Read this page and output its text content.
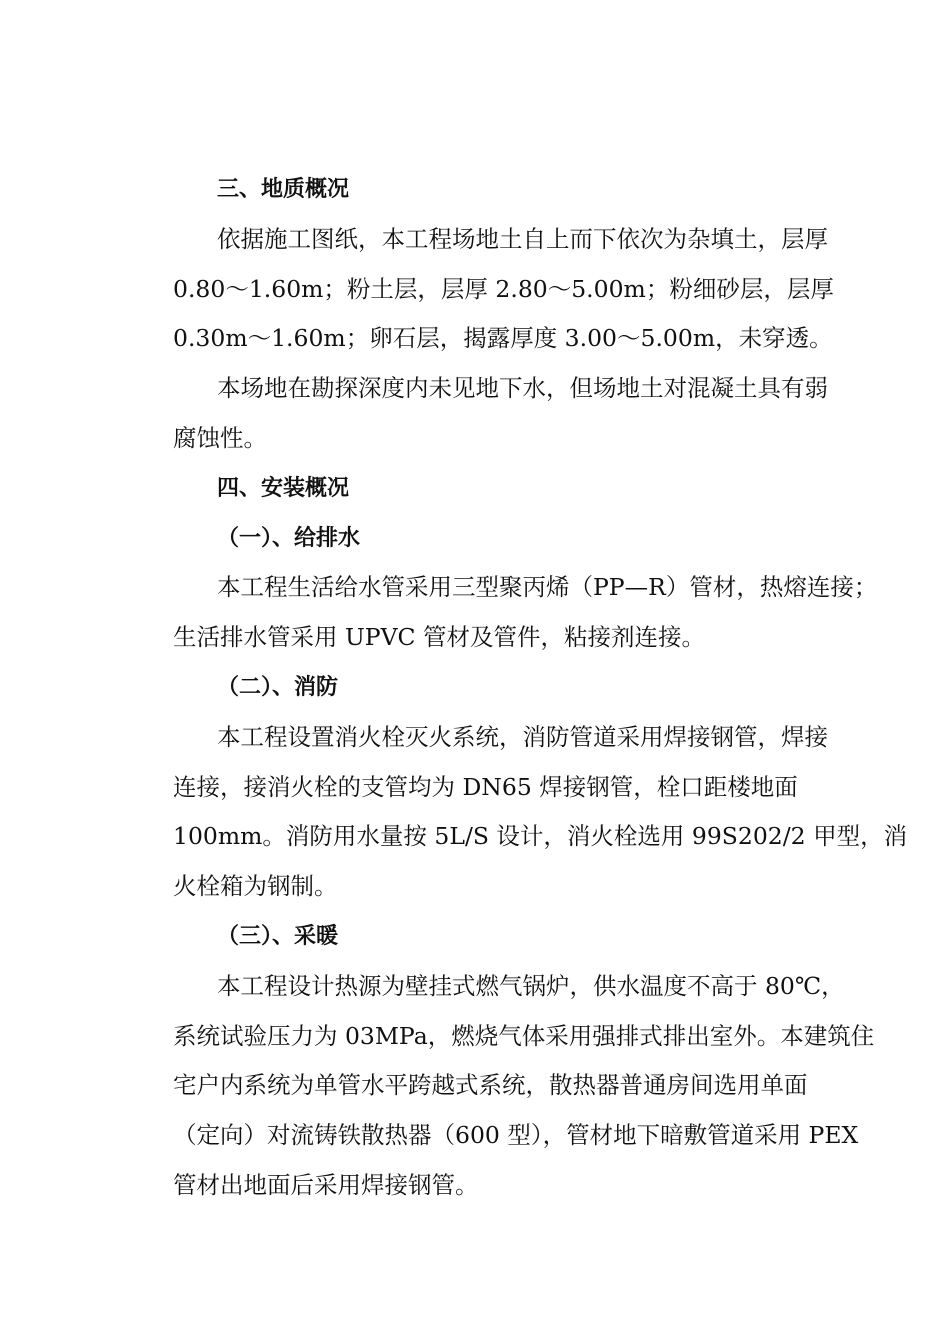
三、地质概况
依据施工图纸，本工程场地土自上而下依次为杂填土，层厚
0.80～1.60m；粉土层，层厚 2.80～5.00m；粉细砂层，层厚
0.30m～1.60m；卵石层，揭露厚度 3.00～5.00m，未穿透。
本场地在勘探深度内未见地下水，但场地土对混凝土具有弱
腐蚀性。
四、安装概况
（一）、给排水
本工程生活给水管采用三型聚丙烯（PP—R）管材，热熔连接；
生活排水管采用 UPVC 管材及管件，粘接剂连接。
（二）、消防
本工程设置消火栓灭火系统，消防管道采用焊接钢管，焊接
连接，接消火栓的支管均为 DN65 焊接钢管，栓口距楼地面
100mm。消防用水量按 5L/S 设计，消火栓选用 99S202/2 甲型，消
火栓箱为钢制。
（三）、采暖
本工程设计热源为壁挂式燃气锅炉，供水温度不高于 80℃，
系统试验压力为 03MPa，燃烧气体采用强排式排出室外。本建筑住
宅户内系统为单管水平跨越式系统，散热器普通房间选用单面
（定向）对流铸铁散热器（600 型），管材地下暗敷管道采用 PEX
管材出地面后采用焊接钢管。
